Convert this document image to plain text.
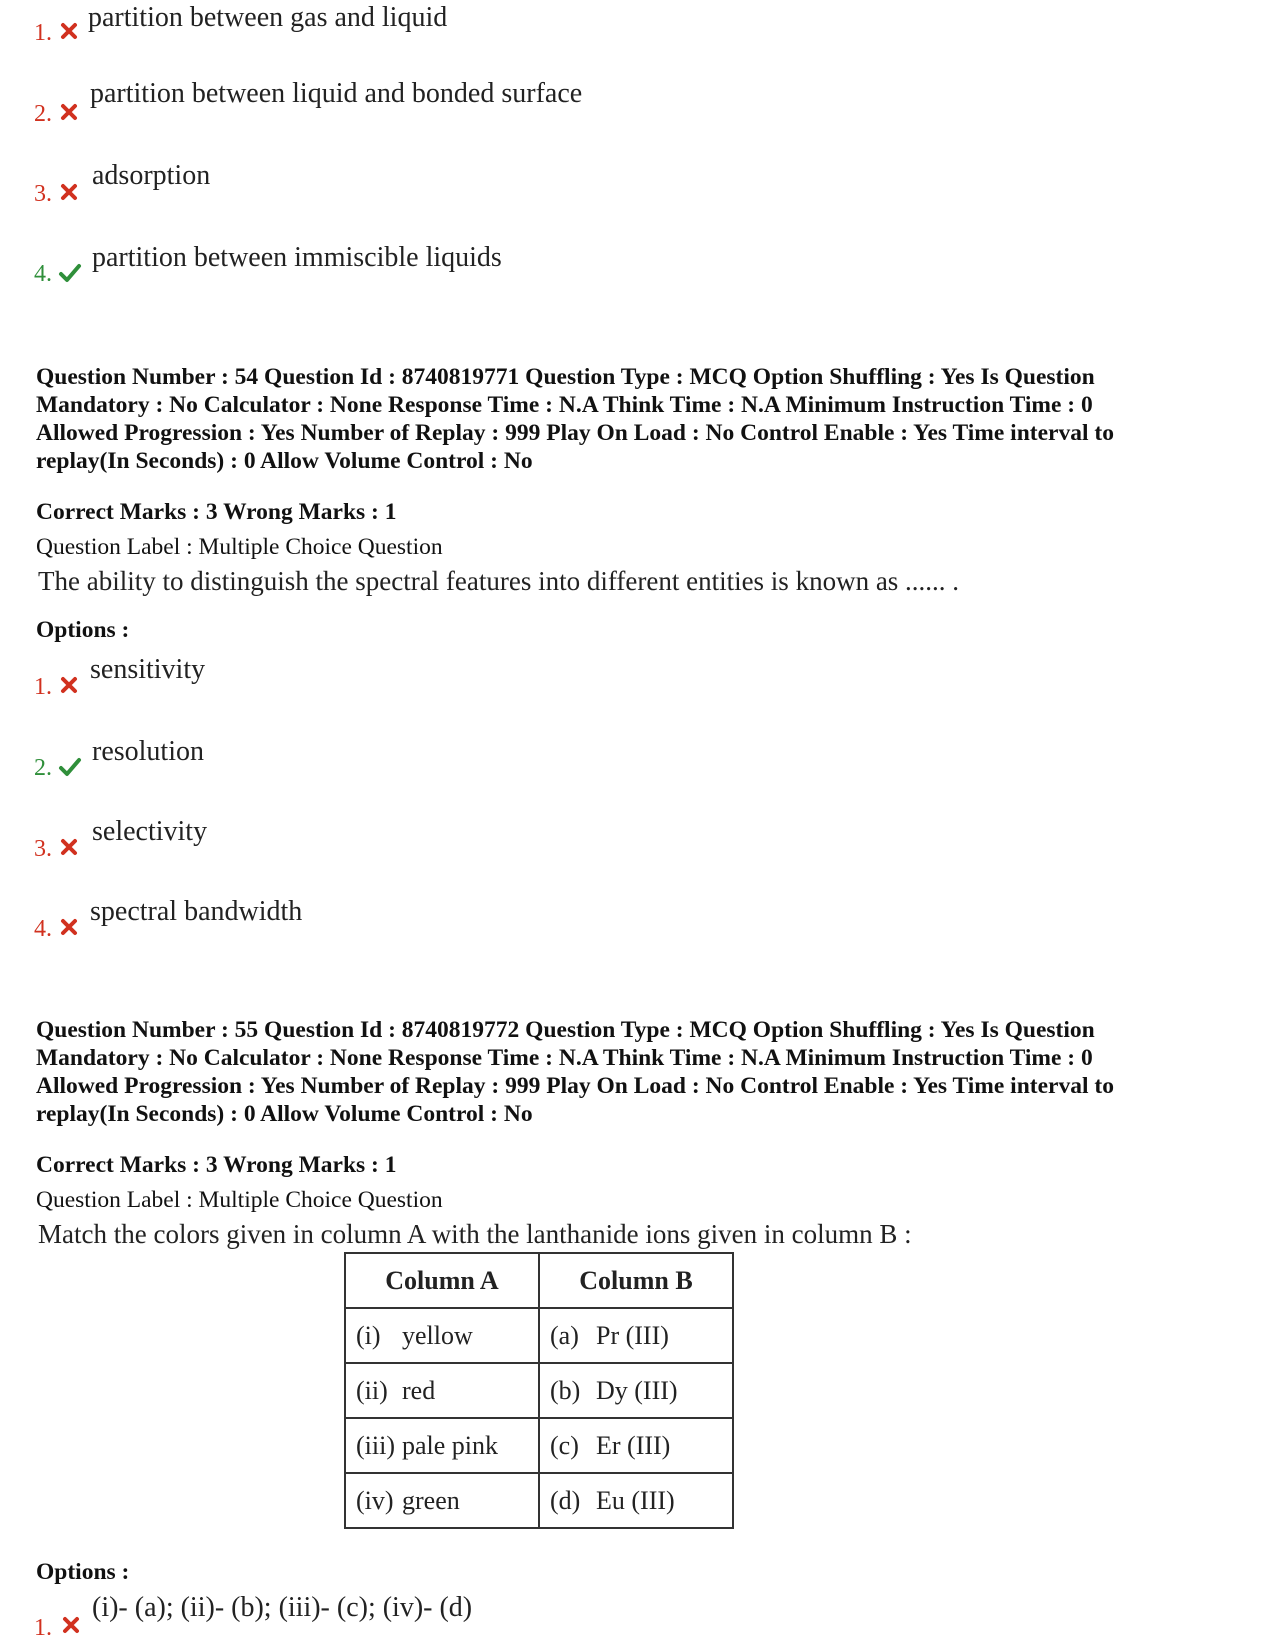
1. partition between gas and liquid
2.
partition between liquid and bonded surface
3.
adsorption
4.
partition between immiscible liquids
Question Number : 54 Question Id : 8740819771 Question Type : MCQ Option Shuffling : Yes Is Question
Mandatory : No Calculator : None Response Time : N.A Think Time : N.A Minimum Instruction Time : 0
Allowed Progression : Yes Number of Replay : 999 Play On Load : No Control Enable : Yes Time interval to
replay(In Seconds) : 0 Allow Volume Control : No
Correct Marks : 3 Wrong Marks : 1
Question Label : Multiple Choice Question
The ability to distinguish the spectral features into different entities is known as ...... .
Options :
1.
sensitivity
2.
resolution
3.
selectivity
4.
spectral bandwidth
Question Number : 55 Question Id : 8740819772 Question Type : MCQ Option Shuffling : Yes Is Question
Mandatory : No Calculator : None Response Time : N.A Think Time : N.A Minimum Instruction Time : 0
Allowed Progression : Yes Number of Replay : 999 Play On Load : No Control Enable : Yes Time interval to
replay(In Seconds) : 0 Allow Volume Control : No
Correct Marks : 3 Wrong Marks : 1
Question Label : Multiple Choice Question
Match the colors given in column A with the lanthanide ions given in column B :
Column A	Column B
(i) yellow	(a) Pr (III)
(ii) red	(b) Dy (III)
(iii) pale pink	(c) Er (III)
(iv) green	(d) Eu (III)
Options :
1.
(i)- (a); (ii)- (b); (iii)- (c); (iv)- (d)
